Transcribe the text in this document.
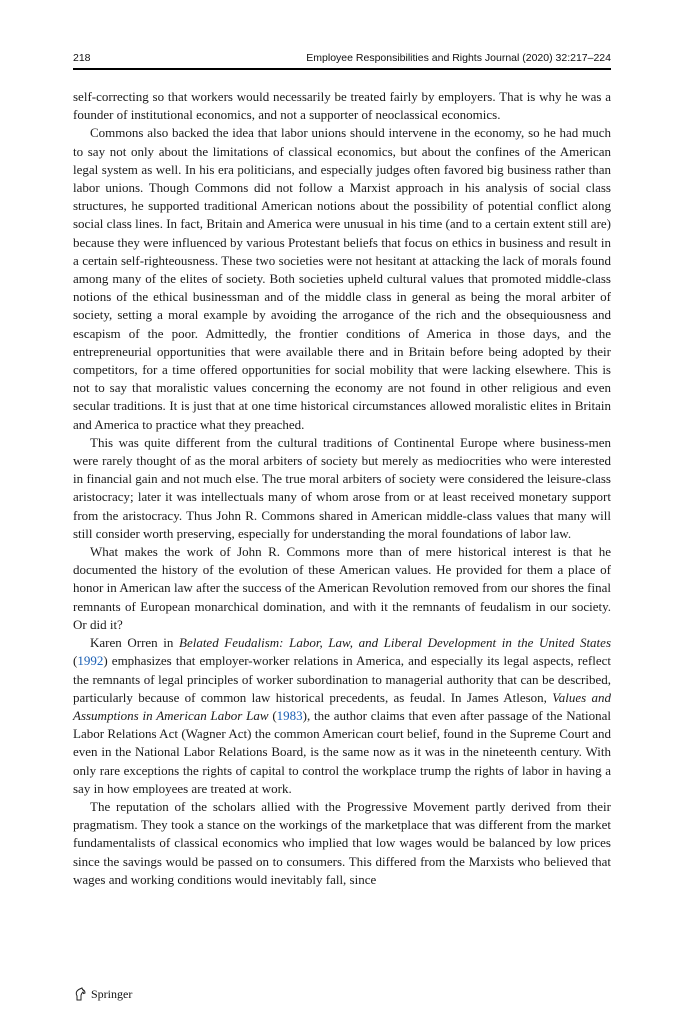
218	Employee Responsibilities and Rights Journal (2020) 32:217–224

self-correcting so that workers would necessarily be treated fairly by employers. That is why he was a founder of institutional economics, and not a supporter of neoclassical economics.

Commons also backed the idea that labor unions should intervene in the economy, so he had much to say not only about the limitations of classical economics, but about the confines of the American legal system as well. In his era politicians, and especially judges often favored big business rather than labor unions. Though Commons did not follow a Marxist approach in his analysis of social class structures, he supported traditional American notions about the possibility of potential conflict along social class lines. In fact, Britain and America were unusual in his time (and to a certain extent still are) because they were influenced by various Protestant beliefs that focus on ethics in business and result in a certain self-righteousness. These two societies were not hesitant at attacking the lack of morals found among many of the elites of society. Both societies upheld cultural values that promoted middle-class notions of the ethical businessman and of the middle class in general as being the moral arbiter of society, setting a moral example by avoiding the arrogance of the rich and the obsequiousness and escapism of the poor. Admittedly, the frontier conditions of America in those days, and the entrepreneurial opportunities that were available there and in Britain before being adopted by their competitors, for a time offered opportunities for social mobility that were lacking elsewhere. This is not to say that moralistic values concerning the economy are not found in other religious and even secular traditions. It is just that at one time historical circumstances allowed moralistic elites in Britain and America to practice what they preached.

This was quite different from the cultural traditions of Continental Europe where business-men were rarely thought of as the moral arbiters of society but merely as mediocrities who were interested in financial gain and not much else. The true moral arbiters of society were considered the leisure-class aristocracy; later it was intellectuals many of whom arose from or at least received monetary support from the aristocracy. Thus John R. Commons shared in American middle-class values that many will still consider worth preserving, especially for understanding the moral foundations of labor law.

What makes the work of John R. Commons more than of mere historical interest is that he documented the history of the evolution of these American values. He provided for them a place of honor in American law after the success of the American Revolution removed from our shores the final remnants of European monarchical domination, and with it the remnants of feudalism in our society. Or did it?

Karen Orren in Belated Feudalism: Labor, Law, and Liberal Development in the United States (1992) emphasizes that employer-worker relations in America, and especially its legal aspects, reflect the remnants of legal principles of worker subordination to managerial authority that can be described, particularly because of common law historical precedents, as feudal. In James Atleson, Values and Assumptions in American Labor Law (1983), the author claims that even after passage of the National Labor Relations Act (Wagner Act) the common American court belief, found in the Supreme Court and even in the National Labor Relations Board, is the same now as it was in the nineteenth century. With only rare exceptions the rights of capital to control the workplace trump the rights of labor in having a say in how employees are treated at work.

The reputation of the scholars allied with the Progressive Movement partly derived from their pragmatism. They took a stance on the workings of the marketplace that was different from the market fundamentalists of classical economics who implied that low wages would be balanced by low prices since the savings would be passed on to consumers. This differed from the Marxists who believed that wages and working conditions would inevitably fall, since

Springer
